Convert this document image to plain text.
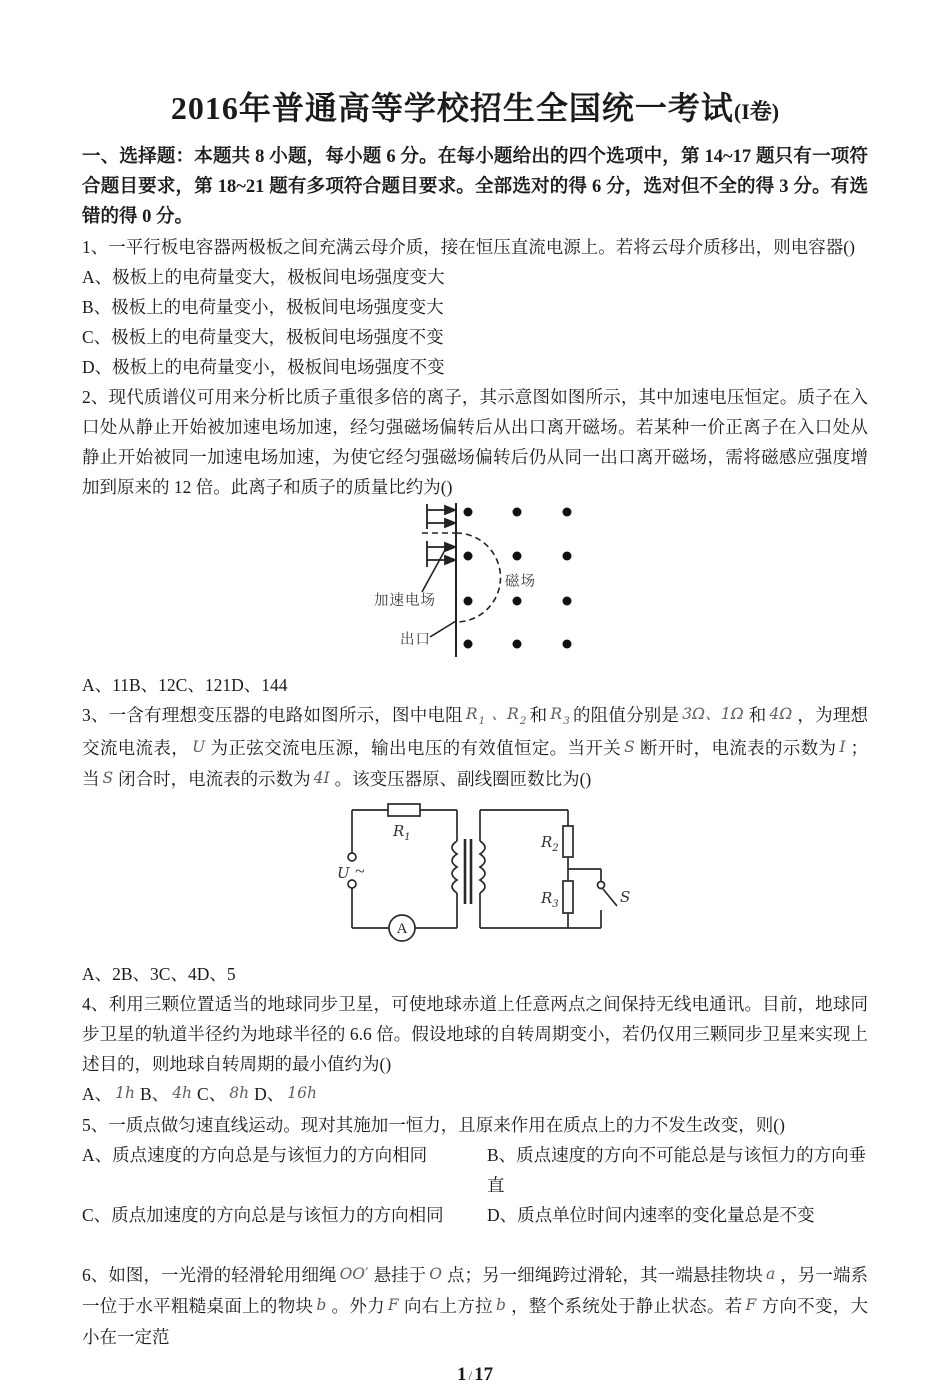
2016年普通高等学校招生全国统一考试(I卷)

一、选择题：本题共 8 小题，每小题 6 分。在每小题给出的四个选项中，第 14~17 题只有一项符合题目要求，第 18~21 题有多项符合题目要求。全部选对的得 6 分，选对但不全的得 3 分。有选错的得 0 分。

1、一平行板电容器两极板之间充满云母介质，接在恒压直流电源上。若将云母介质移出，则电容器()

A、极板上的电荷量变大，极板间电场强度变大
B、极板上的电荷量变小，极板间电场强度变大
C、极板上的电荷量变大，极板间电场强度不变
D、极板上的电荷量变小，极板间电场强度不变

2、现代质谱仪可用来分析比质子重很多倍的离子，其示意图如图所示，其中加速电压恒定。质子在入口处从静止开始被加速电场加速，经匀强磁场偏转后从出口离开磁场。若某种一价正离子在入口处从静止开始被同一加速电场加速，为使它经匀强磁场偏转后仍从同一出口离开磁场，需将磁感应强度增加到原来的 12 倍。此离子和质子的质量比约为()

加速电场
出口
磁场
A、11B、12C、121D、144

3、一含有理想变压器的电路如图所示，图中电阻 R1 、R2 和 R3 的阻值分别是 3Ω、1Ω 和 4Ω ，为理想交流电流表， U 为正弦交流电压源，输出电压的有效值恒定。当开关 S 断开时，电流表的示数为 I ；当 S 闭合时，电流表的示数为 4I 。该变压器原、副线圈匝数比为()

U ~
$R_1$	$R_2$
$R_3$
A
S
A、2B、3C、4D、5

4、利用三颗位置适当的地球同步卫星，可使地球赤道上任意两点之间保持无线电通讯。目前，地球同步卫星的轨道半径约为地球半径的 6.6 倍。假设地球的自转周期变小，若仍仅用三颗同步卫星来实现上述目的，则地球自转周期的最小值约为()

A、 1h B、 4h C、 8h D、 16h

5、一质点做匀速直线运动。现对其施加一恒力，且原来作用在质点上的力不发生改变，则()

A、质点速度的方向总是与该恒力的方向相同	B、质点速度的方向不可能总是与该恒力的方向垂直
C、质点加速度的方向总是与该恒力的方向相同	D、质点单位时间内速率的变化量总是不变

6、如图，一光滑的轻滑轮用细绳 OO′ 悬挂于 O 点；另一细绳跨过滑轮，其一端悬挂物块 a ，另一端系一位于水平粗糙桌面上的物块 b 。外力 F 向右上方拉 b ，整个系统处于静止状态。若 F 方向不变，大小在一定范

1 / 17
